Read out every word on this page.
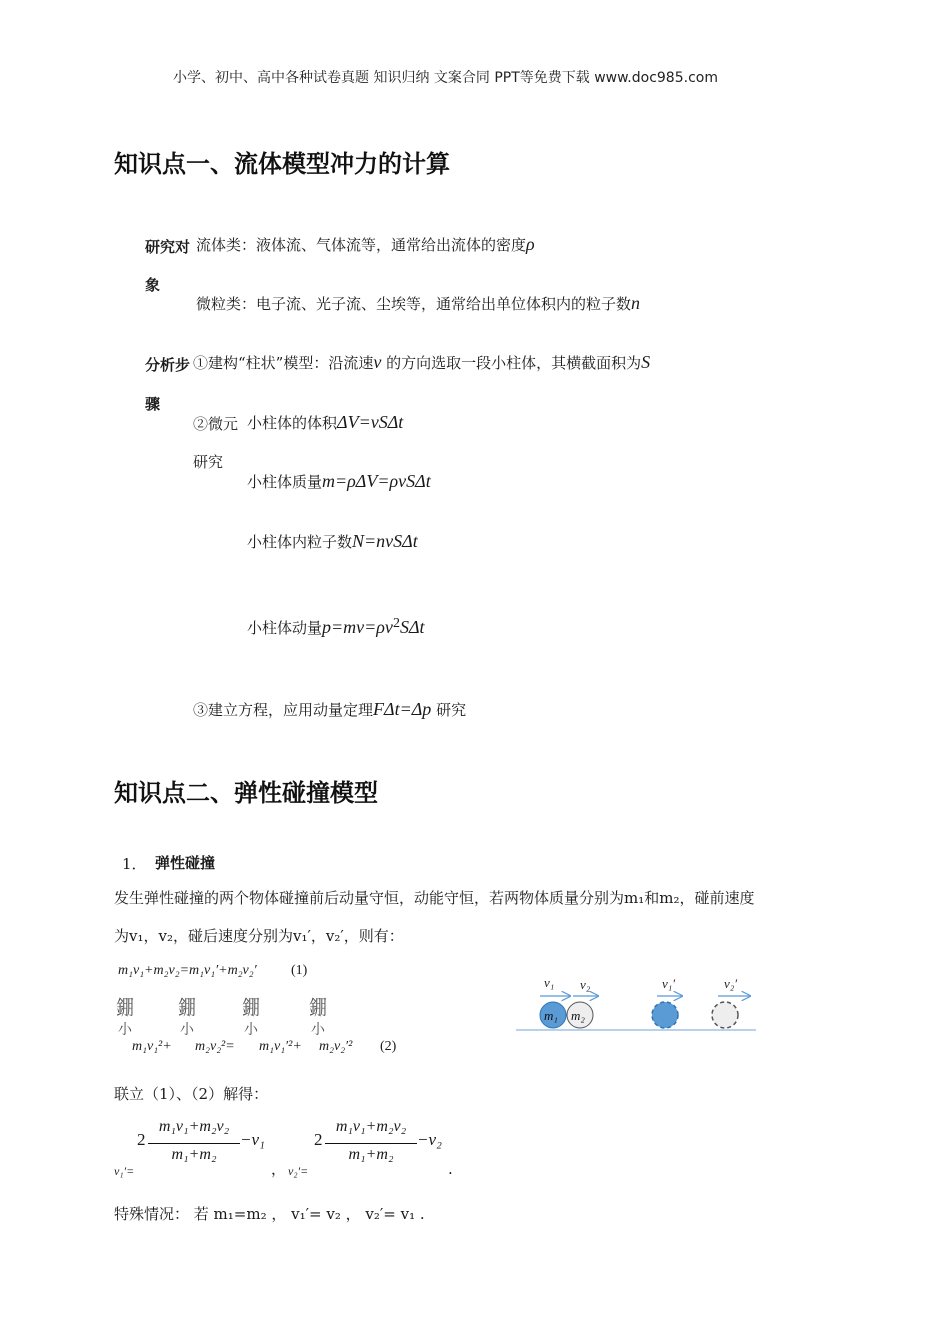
小学、初中、高中各种试卷真题 知识归纳 文案合同 PPT等免费下载 www.doc985.com
知识点一、流体模型冲力的计算
研究对
象
流体类：液体流、气体流等，通常给出流体的密度ρ
微粒类：电子流、光子流、尘埃等，通常给出单位体积内的粒子数n
分析步
骤
①建构“柱状”模型：沿流速v 的方向选取一段小柱体，其横截面积为S
②微元
研究
小柱体的体积ΔV=vSΔt
小柱体质量m=ρΔV=ρvSΔt
小柱体内粒子数N=nvSΔt
小柱体动量$p=mv=\rho v^2S\Delta t$
③建立方程，应用动量定理FΔt=Δp 研究
知识点二、弹性碰撞模型
1． 弹性碰撞
发生弹性碰撞的两个物体碰撞前后动量守恒，动能守恒，若两物体质量分别为m₁和m₂，碰前速度
为v₁，v₂，碰后速度分别为v₁′，v₂′，则有：
m₁v₁+m₂v₂=m₁v₁′+m₂v₂′ (1)
錋
小
錋
小
錋
小
錋
小
m₁v₁²+ m₂v₂²= m₁v₁′²+ m₂v₂′² (2)
v₁ v₂	v₁′	v₂′
m₁ m₂
联立（1）、（2）解得：
2
m₁v₁+m₂v₂
m₁+m₂
−v₁
v₁′=	，
2
m₁v₁+m₂v₂
m₁+m₂
−v₂
v₂′=	.
特殊情况： 若 m₁=m₂ ， v₁′= v₂ ， v₂′= v₁ .
